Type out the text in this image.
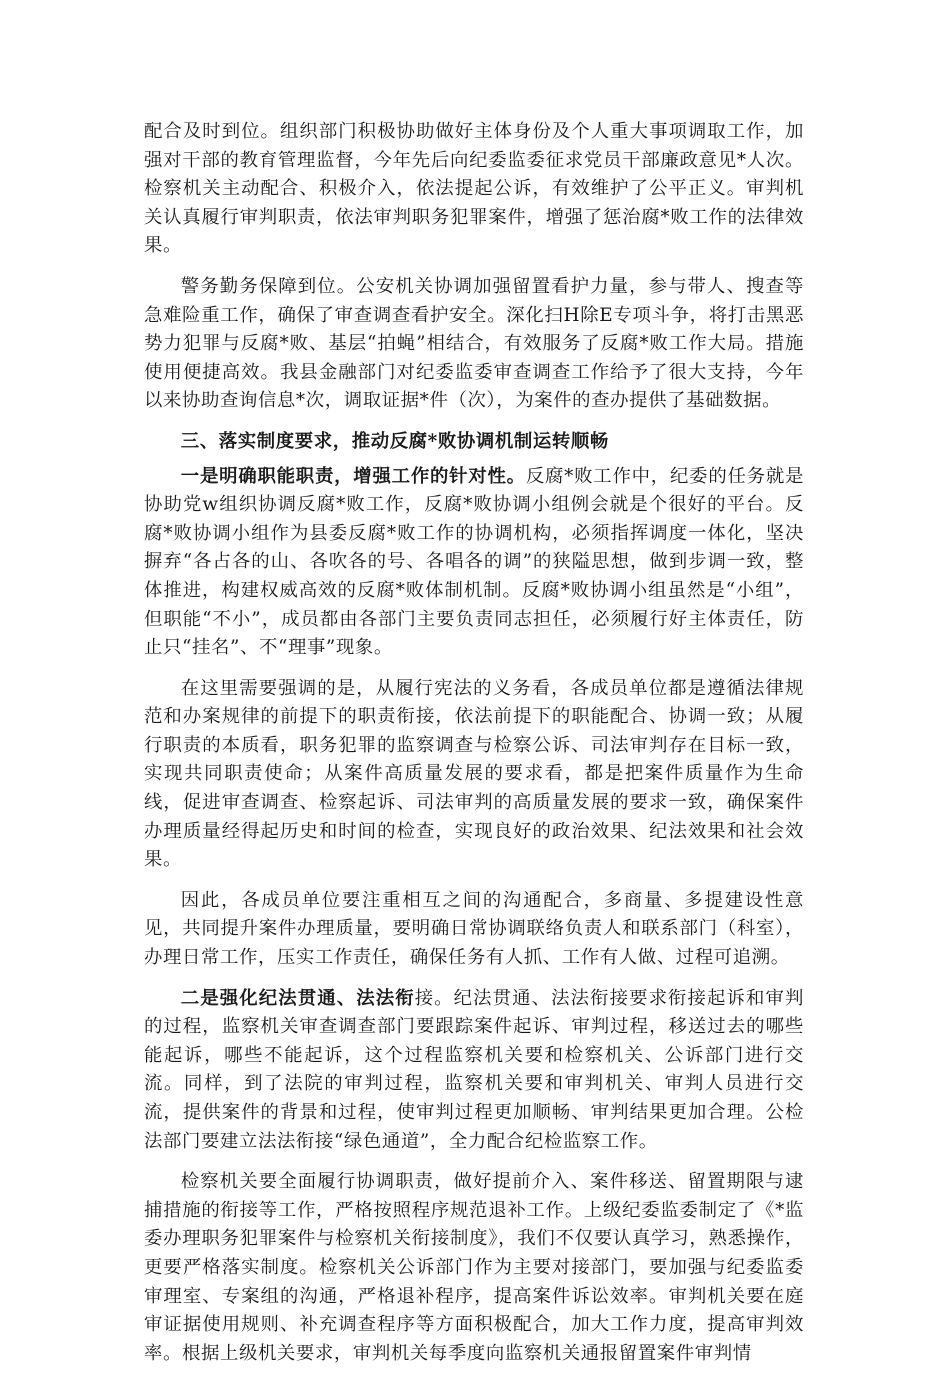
配合及时到位。组织部门积极协助做好主体身份及个人重大事项调取工作，加强对干部的教育管理监督，今年先后向纪委监委征求党员干部廉政意见*人次。检察机关主动配合、积极介入，依法提起公诉，有效维护了公平正义。审判机关认真履行审判职责，依法审判职务犯罪案件，增强了惩治腐*败工作的法律效果。

警务勤务保障到位。公安机关协调加强留置看护力量，参与带人、搜查等急难险重工作，确保了审查调查看护安全。深化扫H除E专项斗争，将打击黑恶势力犯罪与反腐*败、基层“拍蝇”相结合，有效服务了反腐*败工作大局。措施使用便捷高效。我县金融部门对纪委监委审查调查工作给予了很大支持，今年以来协助查询信息*次，调取证据*件（次），为案件的查办提供了基础数据。

三、落实制度要求，推动反腐*败协调机制运转顺畅

一是明确职能职责，增强工作的针对性。反腐*败工作中，纪委的任务就是协助党w组织协调反腐*败工作，反腐*败协调小组例会就是个很好的平台。反腐*败协调小组作为县委反腐*败工作的协调机构，必须指挥调度一体化，坚决摒弃“各占各的山、各吹各的号、各唱各的调”的狭隘思想，做到步调一致，整体推进，构建权威高效的反腐*败体制机制。反腐*败协调小组虽然是“小组”，但职能“不小”，成员都由各部门主要负责同志担任，必须履行好主体责任，防止只“挂名”、不“理事”现象。

在这里需要强调的是，从履行宪法的义务看，各成员单位都是遵循法律规范和办案规律的前提下的职责衔接，依法前提下的职能配合、协调一致；从履行职责的本质看，职务犯罪的监察调查与检察公诉、司法审判存在目标一致，实现共同职责使命；从案件高质量发展的要求看，都是把案件质量作为生命线，促进审查调查、检察起诉、司法审判的高质量发展的要求一致，确保案件办理质量经得起历史和时间的检查，实现良好的政治效果、纪法效果和社会效果。

因此，各成员单位要注重相互之间的沟通配合，多商量、多提建设性意见，共同提升案件办理质量，要明确日常协调联络负责人和联系部门（科室），办理日常工作，压实工作责任，确保任务有人抓、工作有人做、过程可追溯。

二是强化纪法贯通、法法衔接。纪法贯通、法法衔接要求衔接起诉和审判的过程，监察机关审查调查部门要跟踪案件起诉、审判过程，移送过去的哪些能起诉，哪些不能起诉，这个过程监察机关要和检察机关、公诉部门进行交流。同样，到了法院的审判过程，监察机关要和审判机关、审判人员进行交流，提供案件的背景和过程，使审判过程更加顺畅、审判结果更加合理。公检法部门要建立法法衔接“绿色通道”，全力配合纪检监察工作。

检察机关要全面履行协调职责，做好提前介入、案件移送、留置期限与逮捕措施的衔接等工作，严格按照程序规范退补工作。上级纪委监委制定了《*监委办理职务犯罪案件与检察机关衔接制度》，我们不仅要认真学习，熟悉操作，更要严格落实制度。检察机关公诉部门作为主要对接部门，要加强与纪委监委审理室、专案组的沟通，严格退补程序，提高案件诉讼效率。审判机关要在庭审证据使用规则、补充调查程序等方面积极配合，加大工作力度，提高审判效率。根据上级机关要求，审判机关每季度向监察机关通报留置案件审判情
